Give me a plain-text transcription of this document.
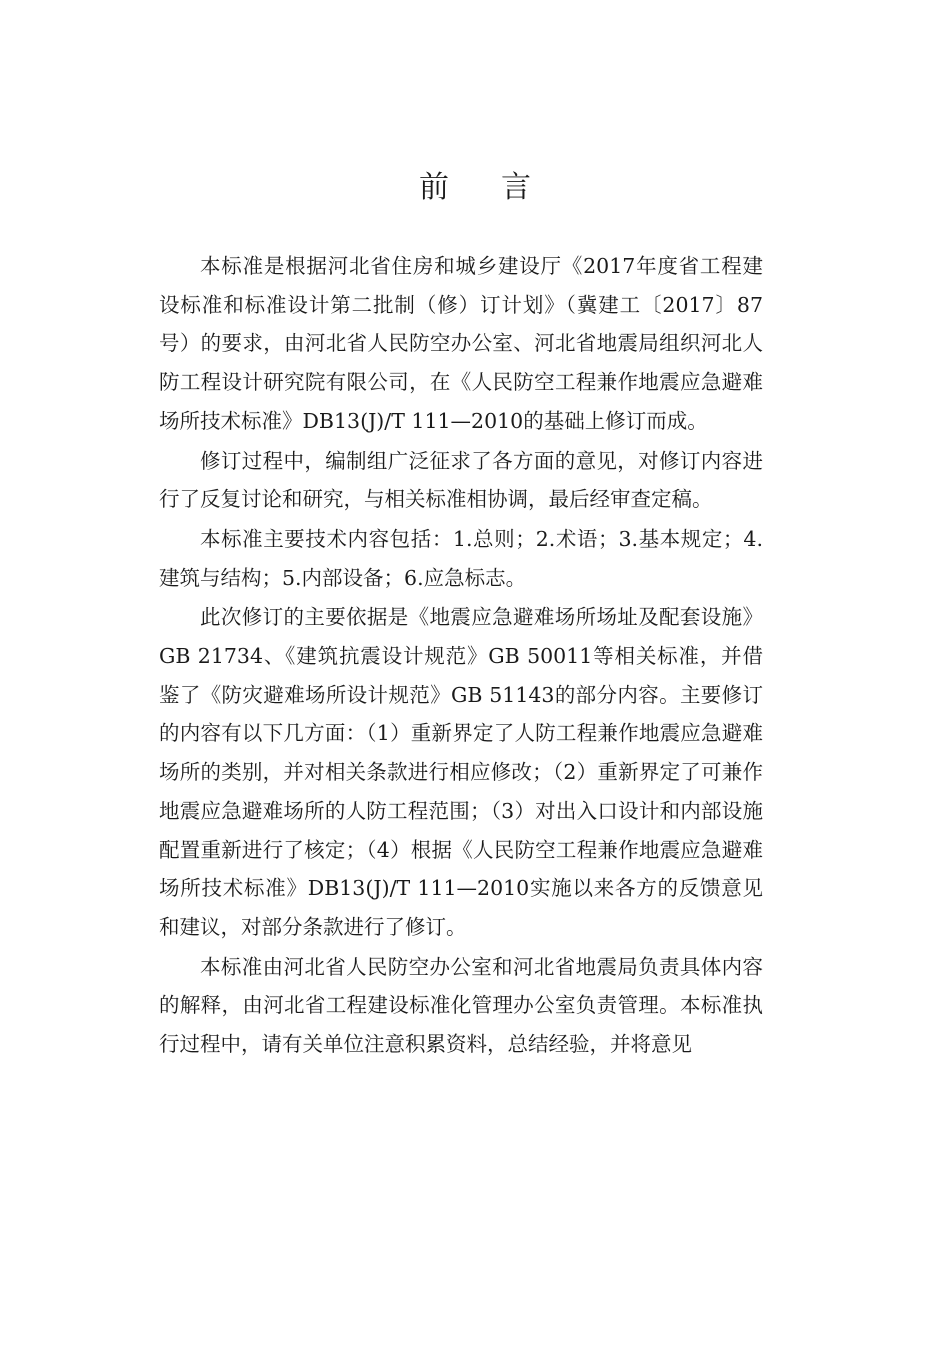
前言

本标准是根据河北省住房和城乡建设厅《2017年度省工程建设标准和标准设计第二批制（修）订计划》（冀建工〔2017〕87号）的要求，由河北省人民防空办公室、河北省地震局组织河北人防工程设计研究院有限公司，在《人民防空工程兼作地震应急避难场所技术标准》DB13(J)/T 111—2010的基础上修订而成。

修订过程中，编制组广泛征求了各方面的意见，对修订内容进行了反复讨论和研究，与相关标准相协调，最后经审查定稿。

本标准主要技术内容包括：1.总则；2.术语；3.基本规定；4.建筑与结构；5.内部设备；6.应急标志。

此次修订的主要依据是《地震应急避难场所场址及配套设施》GB 21734、《建筑抗震设计规范》GB 50011等相关标准，并借鉴了《防灾避难场所设计规范》GB 51143的部分内容。主要修订的内容有以下几方面：（1）重新界定了人防工程兼作地震应急避难场所的类别，并对相关条款进行相应修改；（2）重新界定了可兼作地震应急避难场所的人防工程范围；（3）对出入口设计和内部设施配置重新进行了核定；（4）根据《人民防空工程兼作地震应急避难场所技术标准》DB13(J)/T 111—2010实施以来各方的反馈意见和建议，对部分条款进行了修订。

本标准由河北省人民防空办公室和河北省地震局负责具体内容的解释，由河北省工程建设标准化管理办公室负责管理。本标准执行过程中，请有关单位注意积累资料，总结经验，并将意见
